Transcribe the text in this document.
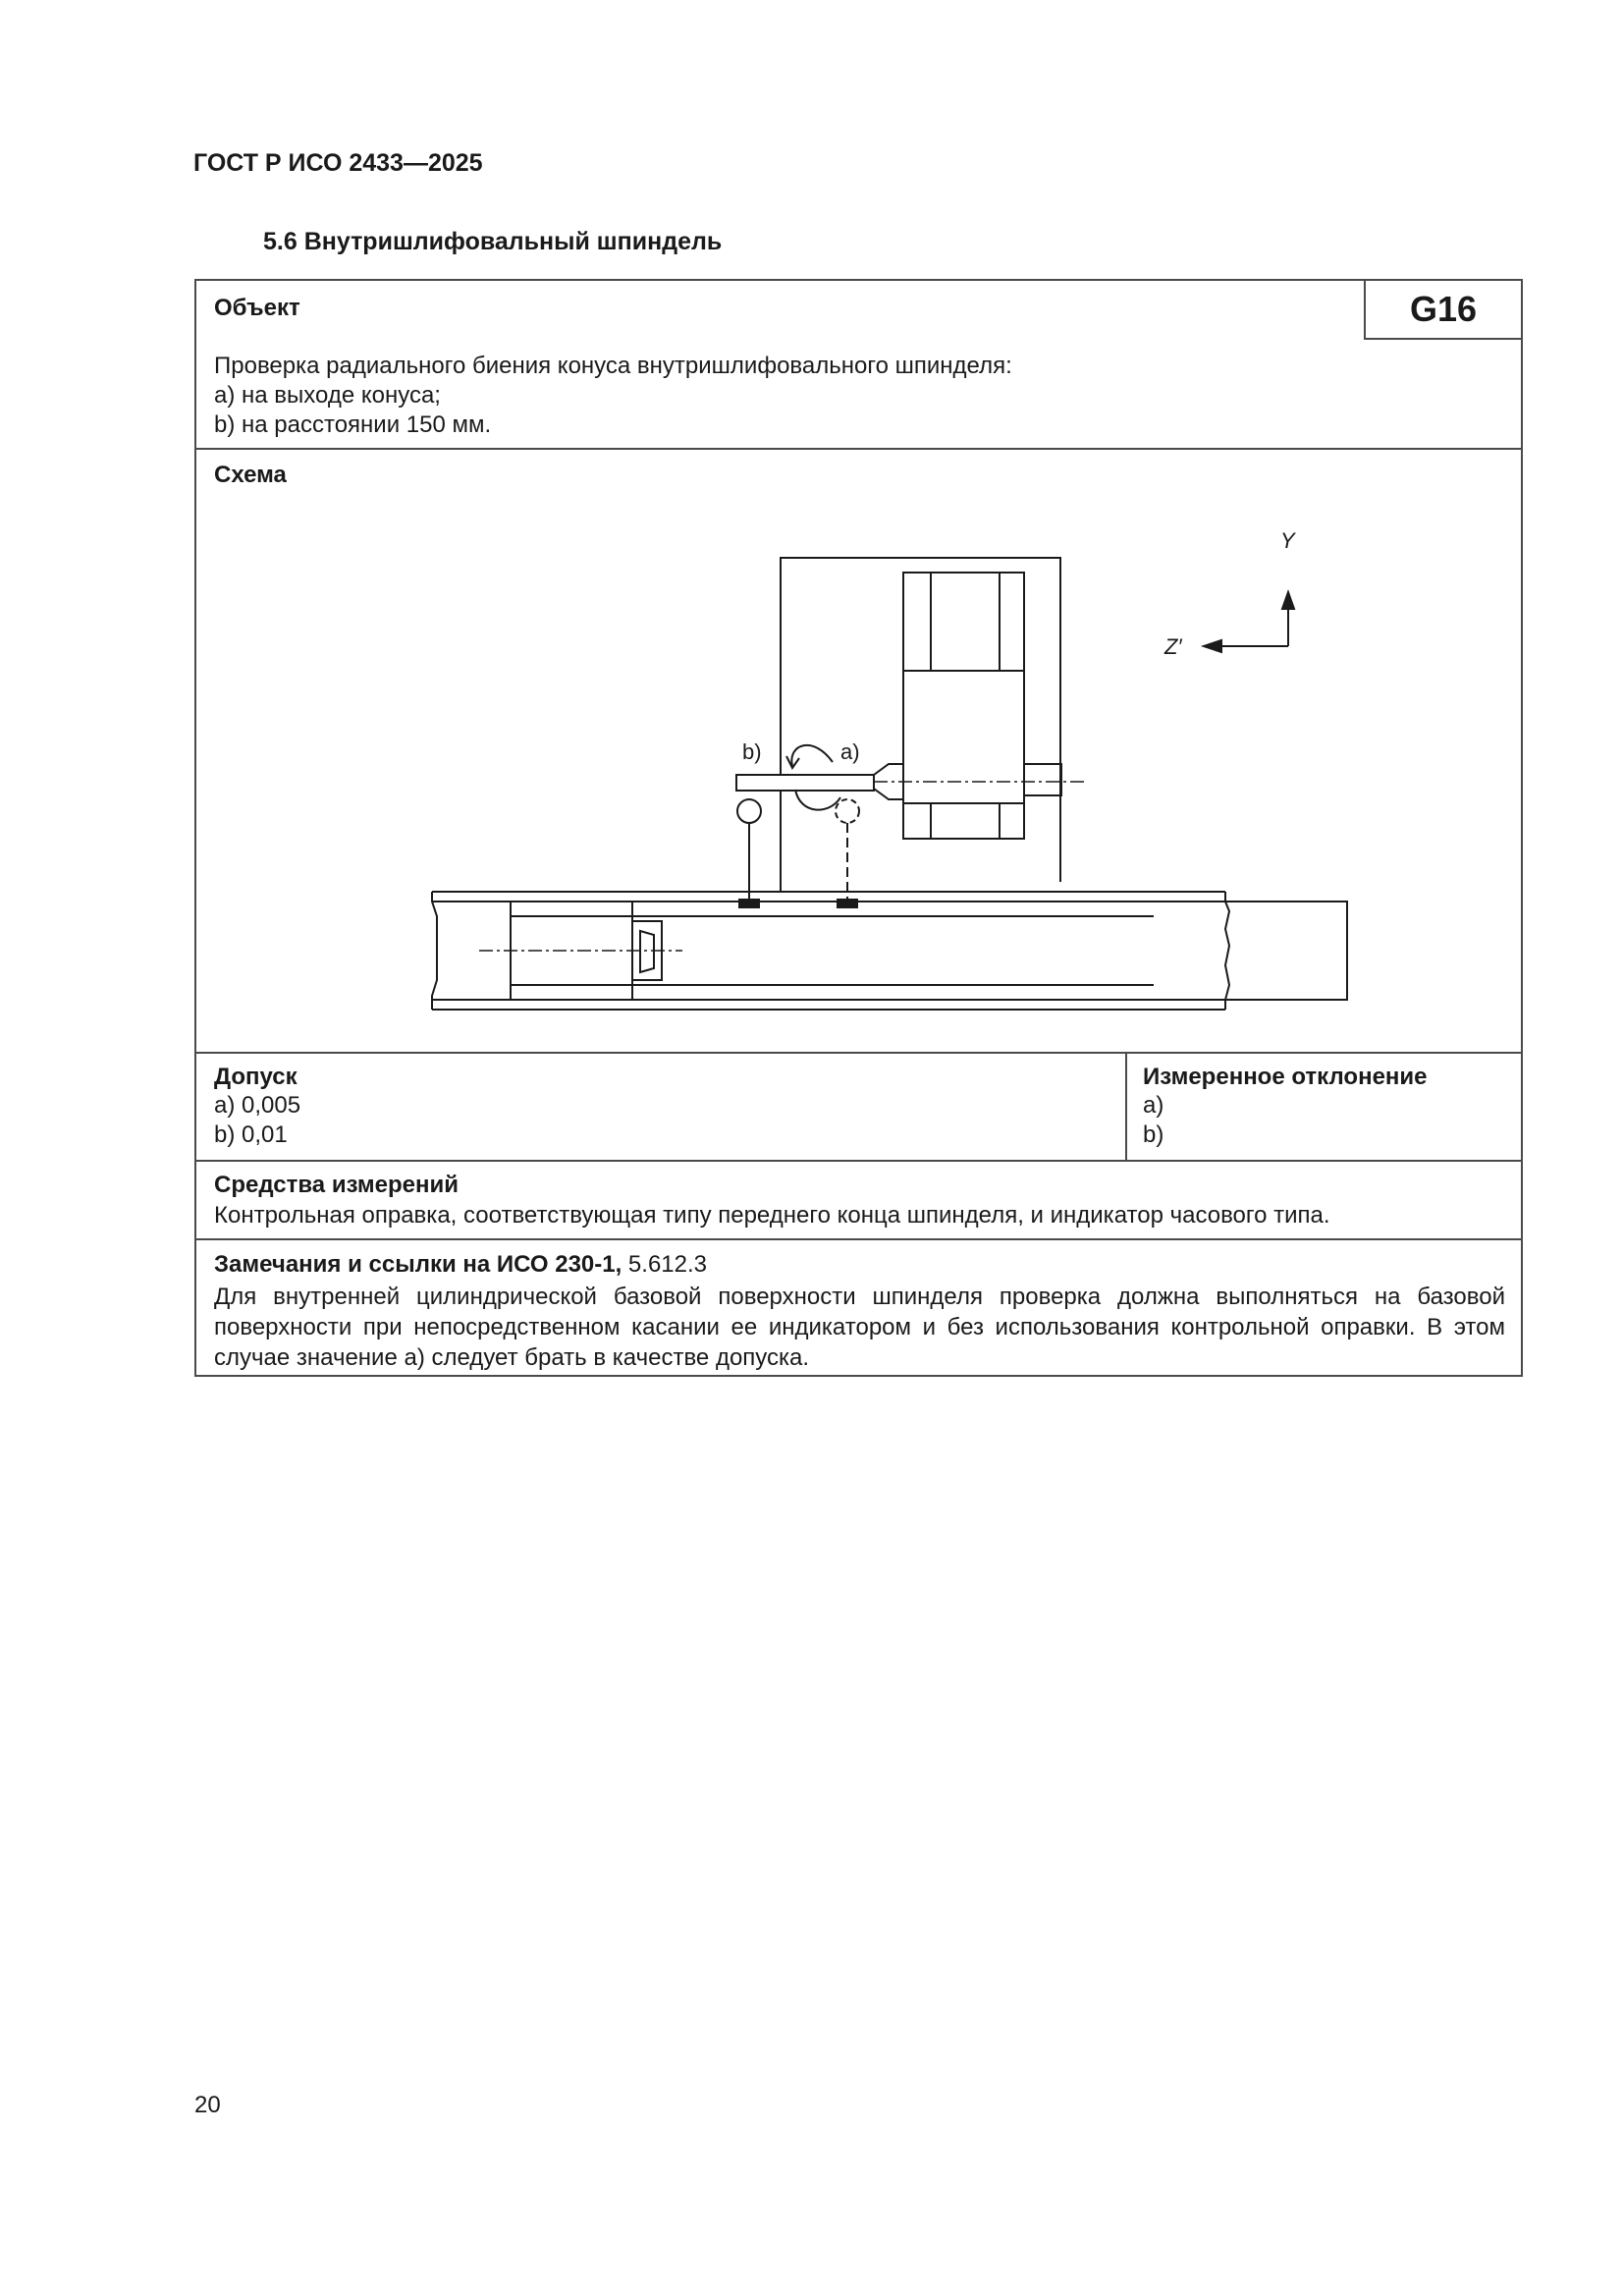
ГОСТ Р ИСО 2433—2025
5.6 Внутришлифовальный шпиндель
Объект	G16
Проверка радиального биения конуса внутришлифовального шпинделя:
a) на выходе конуса;
b) на расстоянии 150 мм.
Схема
b)	a)
Y
Z′
Допуск
a) 0,005
b) 0,01
Измеренное отклонение
a)
b)
Средства измерений
Контрольная оправка, соответствующая типу переднего конца шпинделя, и индикатор часового типа.
Замечания и ссылки на ИСО 230-1, 5.612.3
Для внутренней цилиндрической базовой поверхности шпинделя проверка должна выполняться на базовой поверхности при непосредственном касании ее индикатором и без использования контрольной оправки. В этом случае значение а) следует брать в качестве допуска.
20
